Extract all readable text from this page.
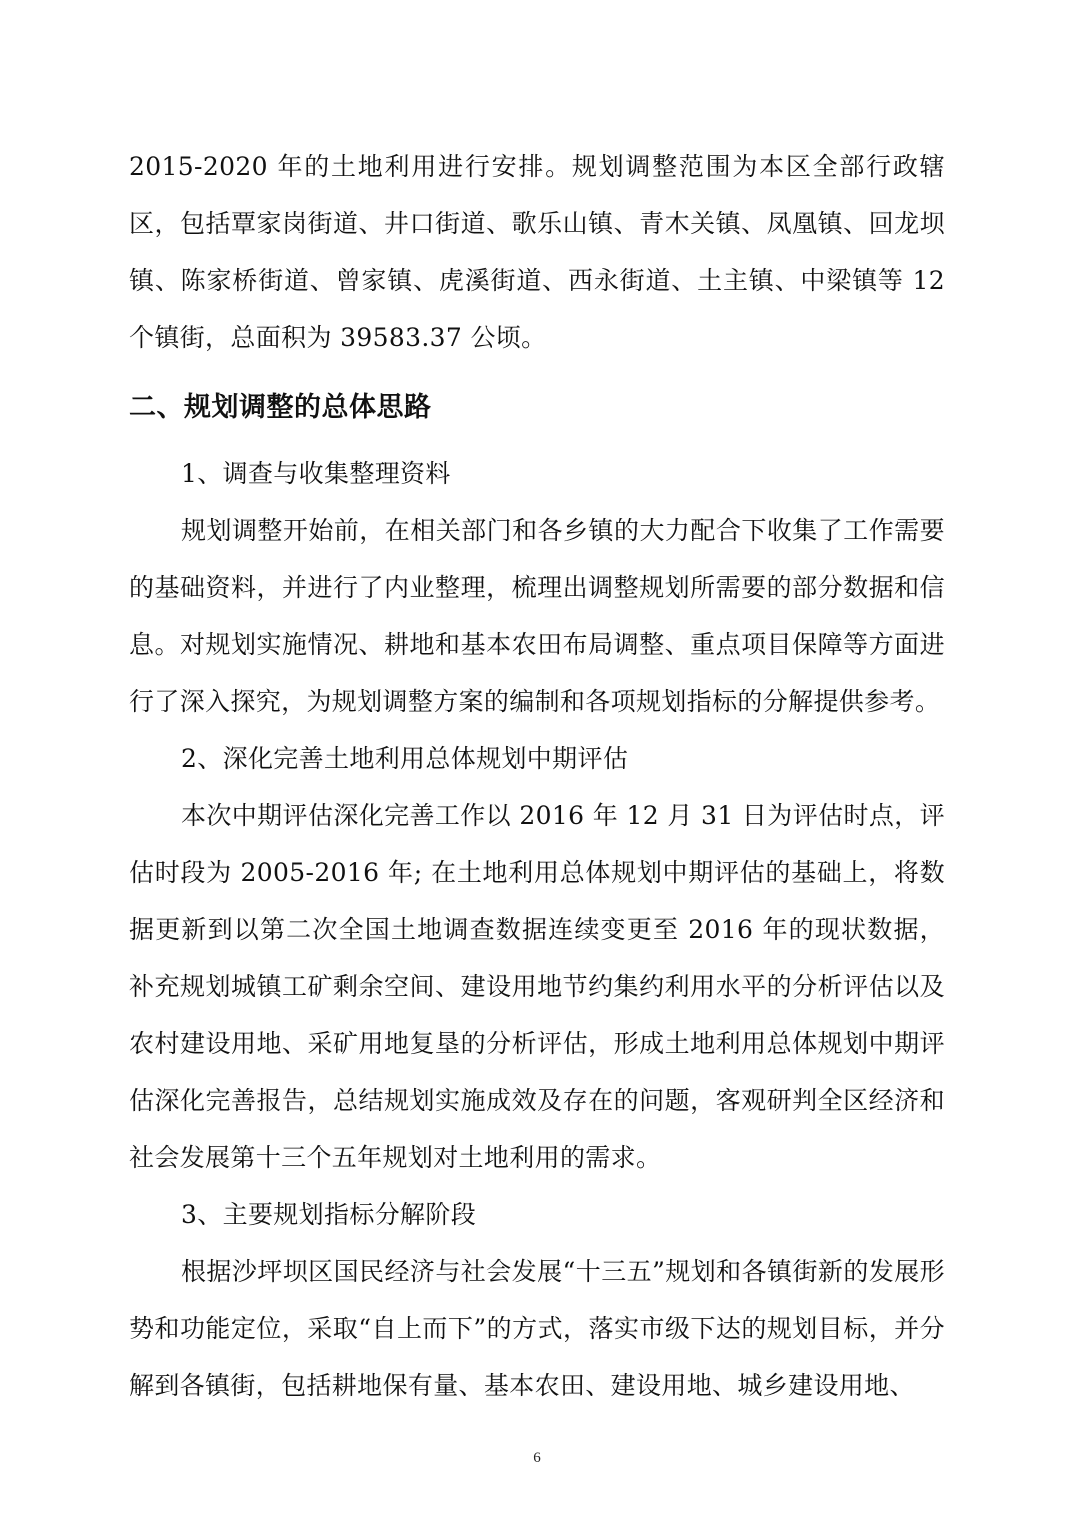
2015-2020 年的土地利用进行安排。规划调整范围为本区全部行政辖区，包括覃家岗街道、井口街道、歌乐山镇、青木关镇、凤凰镇、回龙坝镇、陈家桥街道、曾家镇、虎溪街道、西永街道、土主镇、中梁镇等 12 个镇街，总面积为 39583.37 公顷。

二、规划调整的总体思路

1、调查与收集整理资料

规划调整开始前，在相关部门和各乡镇的大力配合下收集了工作需要的基础资料，并进行了内业整理，梳理出调整规划所需要的部分数据和信息。对规划实施情况、耕地和基本农田布局调整、重点项目保障等方面进行了深入探究，为规划调整方案的编制和各项规划指标的分解提供参考。

2、深化完善土地利用总体规划中期评估

本次中期评估深化完善工作以 2016 年 12 月 31 日为评估时点，评估时段为 2005-2016 年; 在土地利用总体规划中期评估的基础上，将数据更新到以第二次全国土地调查数据连续变更至 2016 年的现状数据，补充规划城镇工矿剩余空间、建设用地节约集约利用水平的分析评估以及农村建设用地、采矿用地复垦的分析评估，形成土地利用总体规划中期评估深化完善报告，总结规划实施成效及存在的问题，客观研判全区经济和社会发展第十三个五年规划对土地利用的需求。

3、主要规划指标分解阶段

根据沙坪坝区国民经济与社会发展“十三五”规划和各镇街新的发展形势和功能定位，采取“自上而下”的方式，落实市级下达的规划目标，并分解到各镇街，包括耕地保有量、基本农田、建设用地、城乡建设用地、

6
